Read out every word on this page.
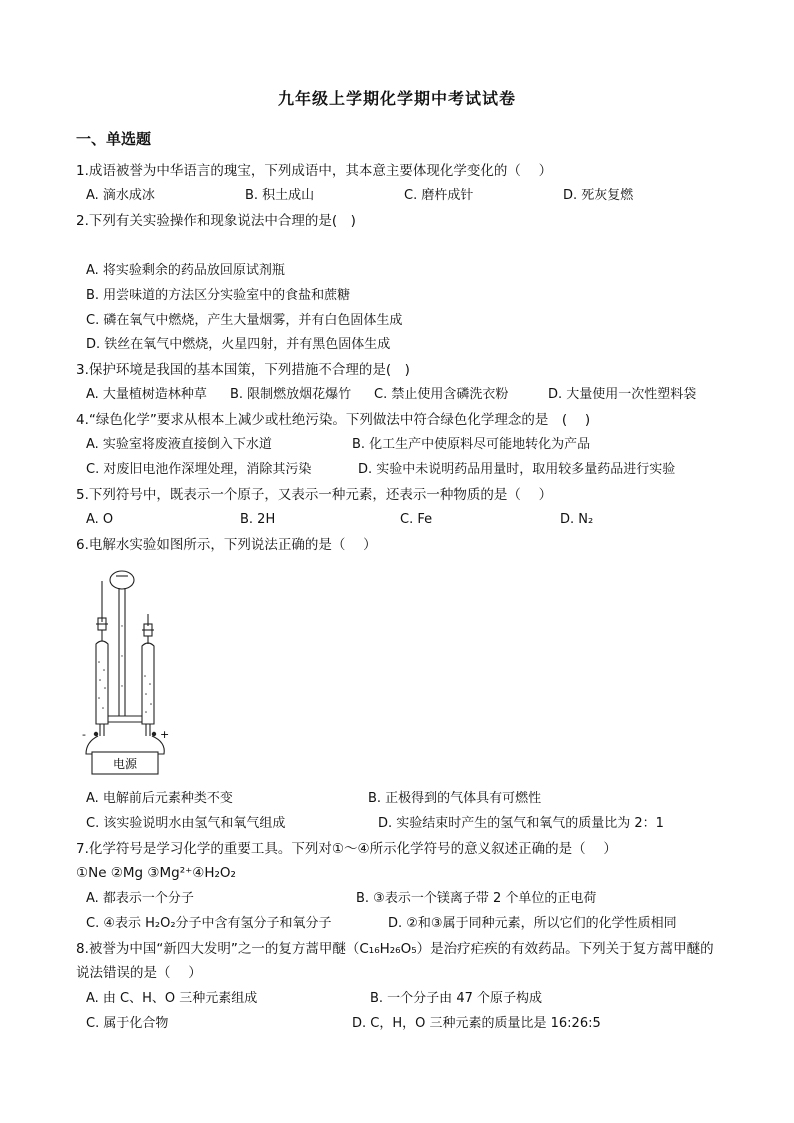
九年级上学期化学期中考试试卷
一、单选题
1.成语被誉为中华语言的瑰宝，下列成语中，其本意主要体现化学变化的（　 ）
A. 滴水成冰	B. 积土成山	C. 磨杵成针	D. 死灰复燃
2.下列有关实验操作和现象说法中合理的是(　)
A. 将实验剩余的药品放回原试剂瓶
B. 用尝味道的方法区分实验室中的食盐和蔗糖
C. 磷在氧气中燃烧，产生大量烟雾，并有白色固体生成
D. 铁丝在氧气中燃烧，火星四射，并有黑色固体生成
3.保护环境是我国的基本国策，下列措施不合理的是(　)
A. 大量植树造林种草 B. 限制燃放烟花爆竹 C. 禁止使用含磷洗衣粉	D. 大量使用一次性塑料袋
4.“绿色化学”要求从根本上减少或杜绝污染。下列做法中符合绿色化学理念的是　(　 )
A. 实验室将废液直接倒入下水道	B. 化工生产中使原料尽可能地转化为产品
C. 对废旧电池作深埋处理，消除其污染	D. 实验中未说明药品用量时，取用较多量药品进行实验
5.下列符号中，既表示一个原子，又表示一种元素，还表示一种物质的是（　 ）
A. O	B. 2H	C. Fe	D. N₂
6.电解水实验如图所示，下列说法正确的是（　 ）
-	+
电源
A. 电解前后元素种类不变	B. 正极得到的气体具有可燃性
C. 该实验说明水由氢气和氧气组成	D. 实验结束时产生的氢气和氧气的质量比为 2：1
7.化学符号是学习化学的重要工具。下列对①～④所示化学符号的意义叙述正确的是（　 ）
①Ne ②Mg ③Mg²⁺④H₂O₂
A. 都表示一个分子	B. ③表示一个镁离子带 2 个单位的正电荷
C. ④表示 H₂O₂分子中含有氢分子和氧分子	D. ②和③属于同种元素，所以它们的化学性质相同
8.被誉为中国“新四大发明”之一的复方蒿甲醚（C₁₆H₂₆O₅）是治疗疟疾的有效药品。下列关于复方蒿甲醚的
说法错误的是（　 ）
A. 由 C、H、O 三种元素组成	B. 一个分子由 47 个原子构成
C. 属于化合物	D. C，H，O 三种元素的质量比是 16:26:5
